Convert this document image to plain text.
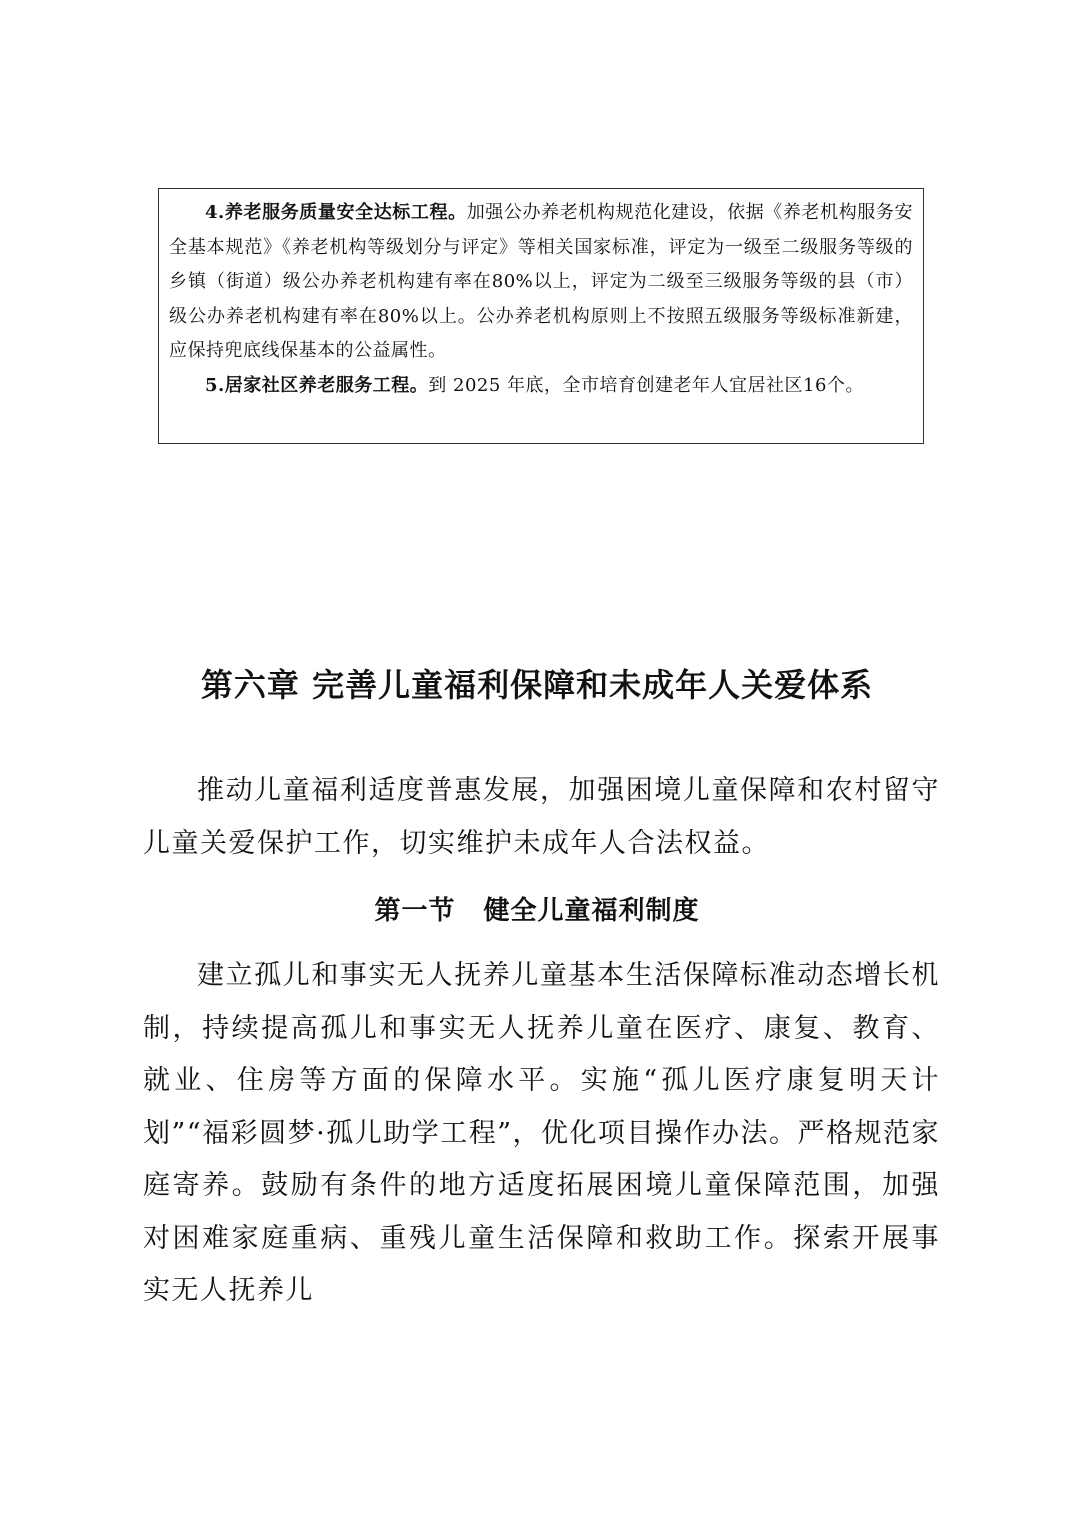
4.养老服务质量安全达标工程。加强公办养老机构规范化建设，依据《养老机构服务安全基本规范》《养老机构等级划分与评定》等相关国家标准，评定为一级至二级服务等级的乡镇（街道）级公办养老机构建有率在80%以上，评定为二级至三级服务等级的县（市）级公办养老机构建有率在80%以上。公办养老机构原则上不按照五级服务等级标准新建，应保持兜底线保基本的公益属性。

5.居家社区养老服务工程。到 2025 年底，全市培育创建老年人宜居社区16个。

第六章 完善儿童福利保障和未成年人关爱体系

推动儿童福利适度普惠发展，加强困境儿童保障和农村留守儿童关爱保护工作，切实维护未成年人合法权益。

第一节 健全儿童福利制度

建立孤儿和事实无人抚养儿童基本生活保障标准动态增长机制，持续提高孤儿和事实无人抚养儿童在医疗、康复、教育、就业、住房等方面的保障水平。实施“孤儿医疗康复明天计划”“福彩圆梦·孤儿助学工程”，优化项目操作办法。严格规范家庭寄养。鼓励有条件的地方适度拓展困境儿童保障范围，加强对困难家庭重病、重残儿童生活保障和救助工作。探索开展事实无人抚养儿
